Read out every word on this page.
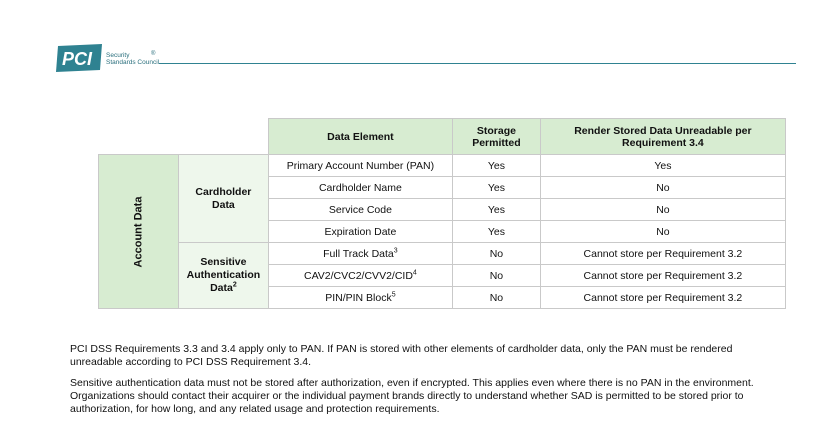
PCI Security
Standards Council
®
		Data Element	Storage Permitted	Render Stored Data Unreadable per Requirement 3.4
Account Data	Cardholder Data	Primary Account Number (PAN)	Yes	Yes
		Cardholder Name	Yes	No
		Service Code	Yes	No
		Expiration Date	Yes	No
	Sensitive Authentication Data$^2$	Full Track Data$^3$	No	Cannot store per Requirement 3.2
		CAV2/CVC2/CVV2/CID$^4$	No	Cannot store per Requirement 3.2
		PIN/PIN Block$^5$	No	Cannot store per Requirement 3.2

PCI DSS Requirements 3.3 and 3.4 apply only to PAN. If PAN is stored with other elements of cardholder data, only the PAN must be rendered unreadable according to PCI DSS Requirement 3.4.

Sensitive authentication data must not be stored after authorization, even if encrypted. This applies even where there is no PAN in the environment. Organizations should contact their acquirer or the individual payment brands directly to understand whether SAD is permitted to be stored prior to authorization, for how long, and any related usage and protection requirements.
